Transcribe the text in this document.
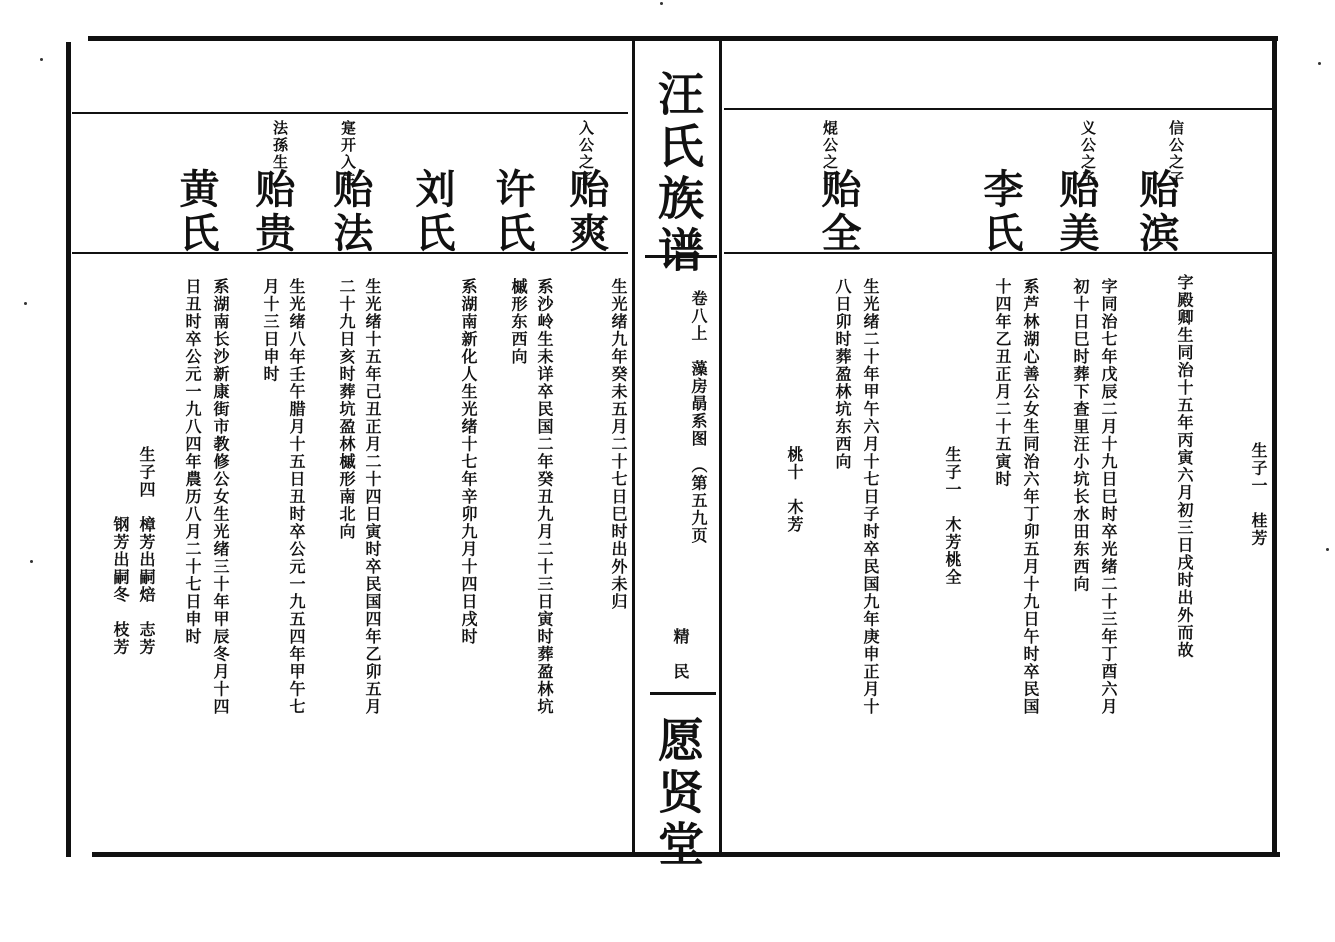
汪氏族谱
卷八上　藻房𣇵系图　（第五九页
精　民
愿贤堂
信公之子
贻滨
字殿卿生同治十五年丙寅六月初三日戌时出外而故	生子一　桂芳
义公之子
贻美
字同治七年戊辰二月十九日巳时卒光绪二十三年丁酉六月
初十日巳时葬下查里汪小坑长水田东西向
李氏
系芦林湖心善公女生同治六年丁卯五月十九日午时卒民国
十四年乙丑正月二十五寅时
生子一　木芳桃全
焜公之子
贻全
生光绪二十年甲午六月十七日子时卒民国九年庚申正月十
八日卯时葬盈林坑东西向
桃十　木芳
入公之子
贻爽
生光绪九年癸未五月二十七日巳时出外未归
许氏
系沙岭生未详卒民国二年癸丑九月二十三日寅时葬盈林坑
槭形东西向
刘氏
系湖南新化人生光绪十七年辛卯九月十四日戌时
寔开入生
贻法
生光绪十五年己丑正月二十四日寅时卒民国四年乙卯五月
二十九日亥时葬坑盈林槭形南北向
法孫生
贻贵
生光绪八年壬午腊月十五日丑时卒公元一九五四年甲午七
月十三日申时
黄氏
系湖南长沙新康街市教修公女生光绪三十年甲辰冬月十四
日丑时卒公元一九八四年農历八月二十七日申时
生子四　樟芳出嗣焙　志芳
　　　　钢芳出嗣冬　枝芳
